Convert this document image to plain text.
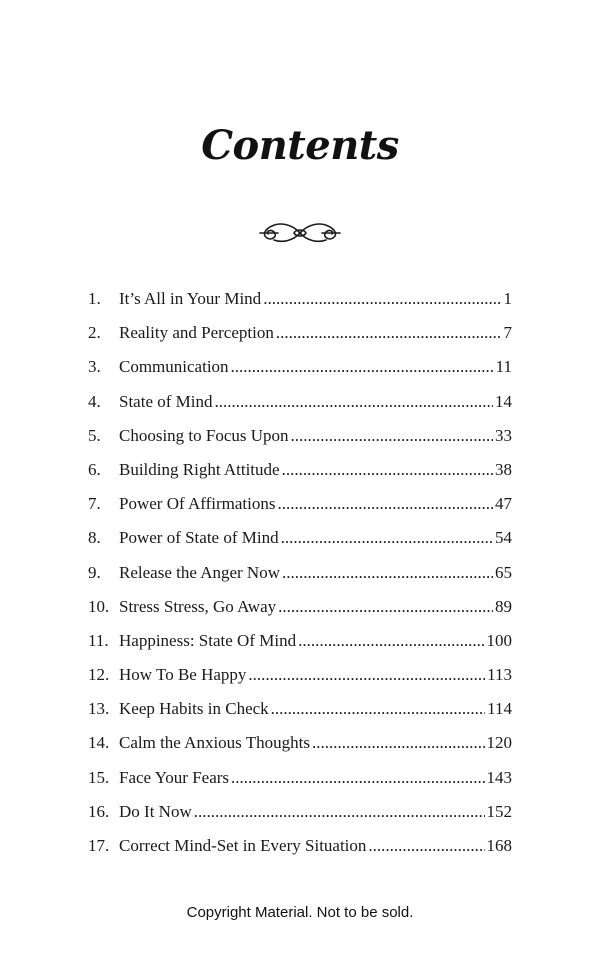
Contents
1.	It’s All in Your Mind .....	1
2.	Reality and Perception .....	7
3.	Communication .....	11
4.	State of Mind .....	14
5.	Choosing to Focus Upon .....	33
6.	Building Right Attitude .....	38
7.	Power Of Affirmations .....	47
8.	Power of State of Mind .....	54
9.	Release the Anger Now .....	65
10. Stress Stress, Go Away .....	89
11. Happiness: State Of Mind .....	100
12. How To Be Happy .....	113
13. Keep Habits in Check .....	114
14. Calm the Anxious Thoughts .....	120
15. Face Your Fears .....	143
16. Do It Now .....	152
17. Correct Mind-Set in Every Situation .....	168
Copyright Material. Not to be sold.
